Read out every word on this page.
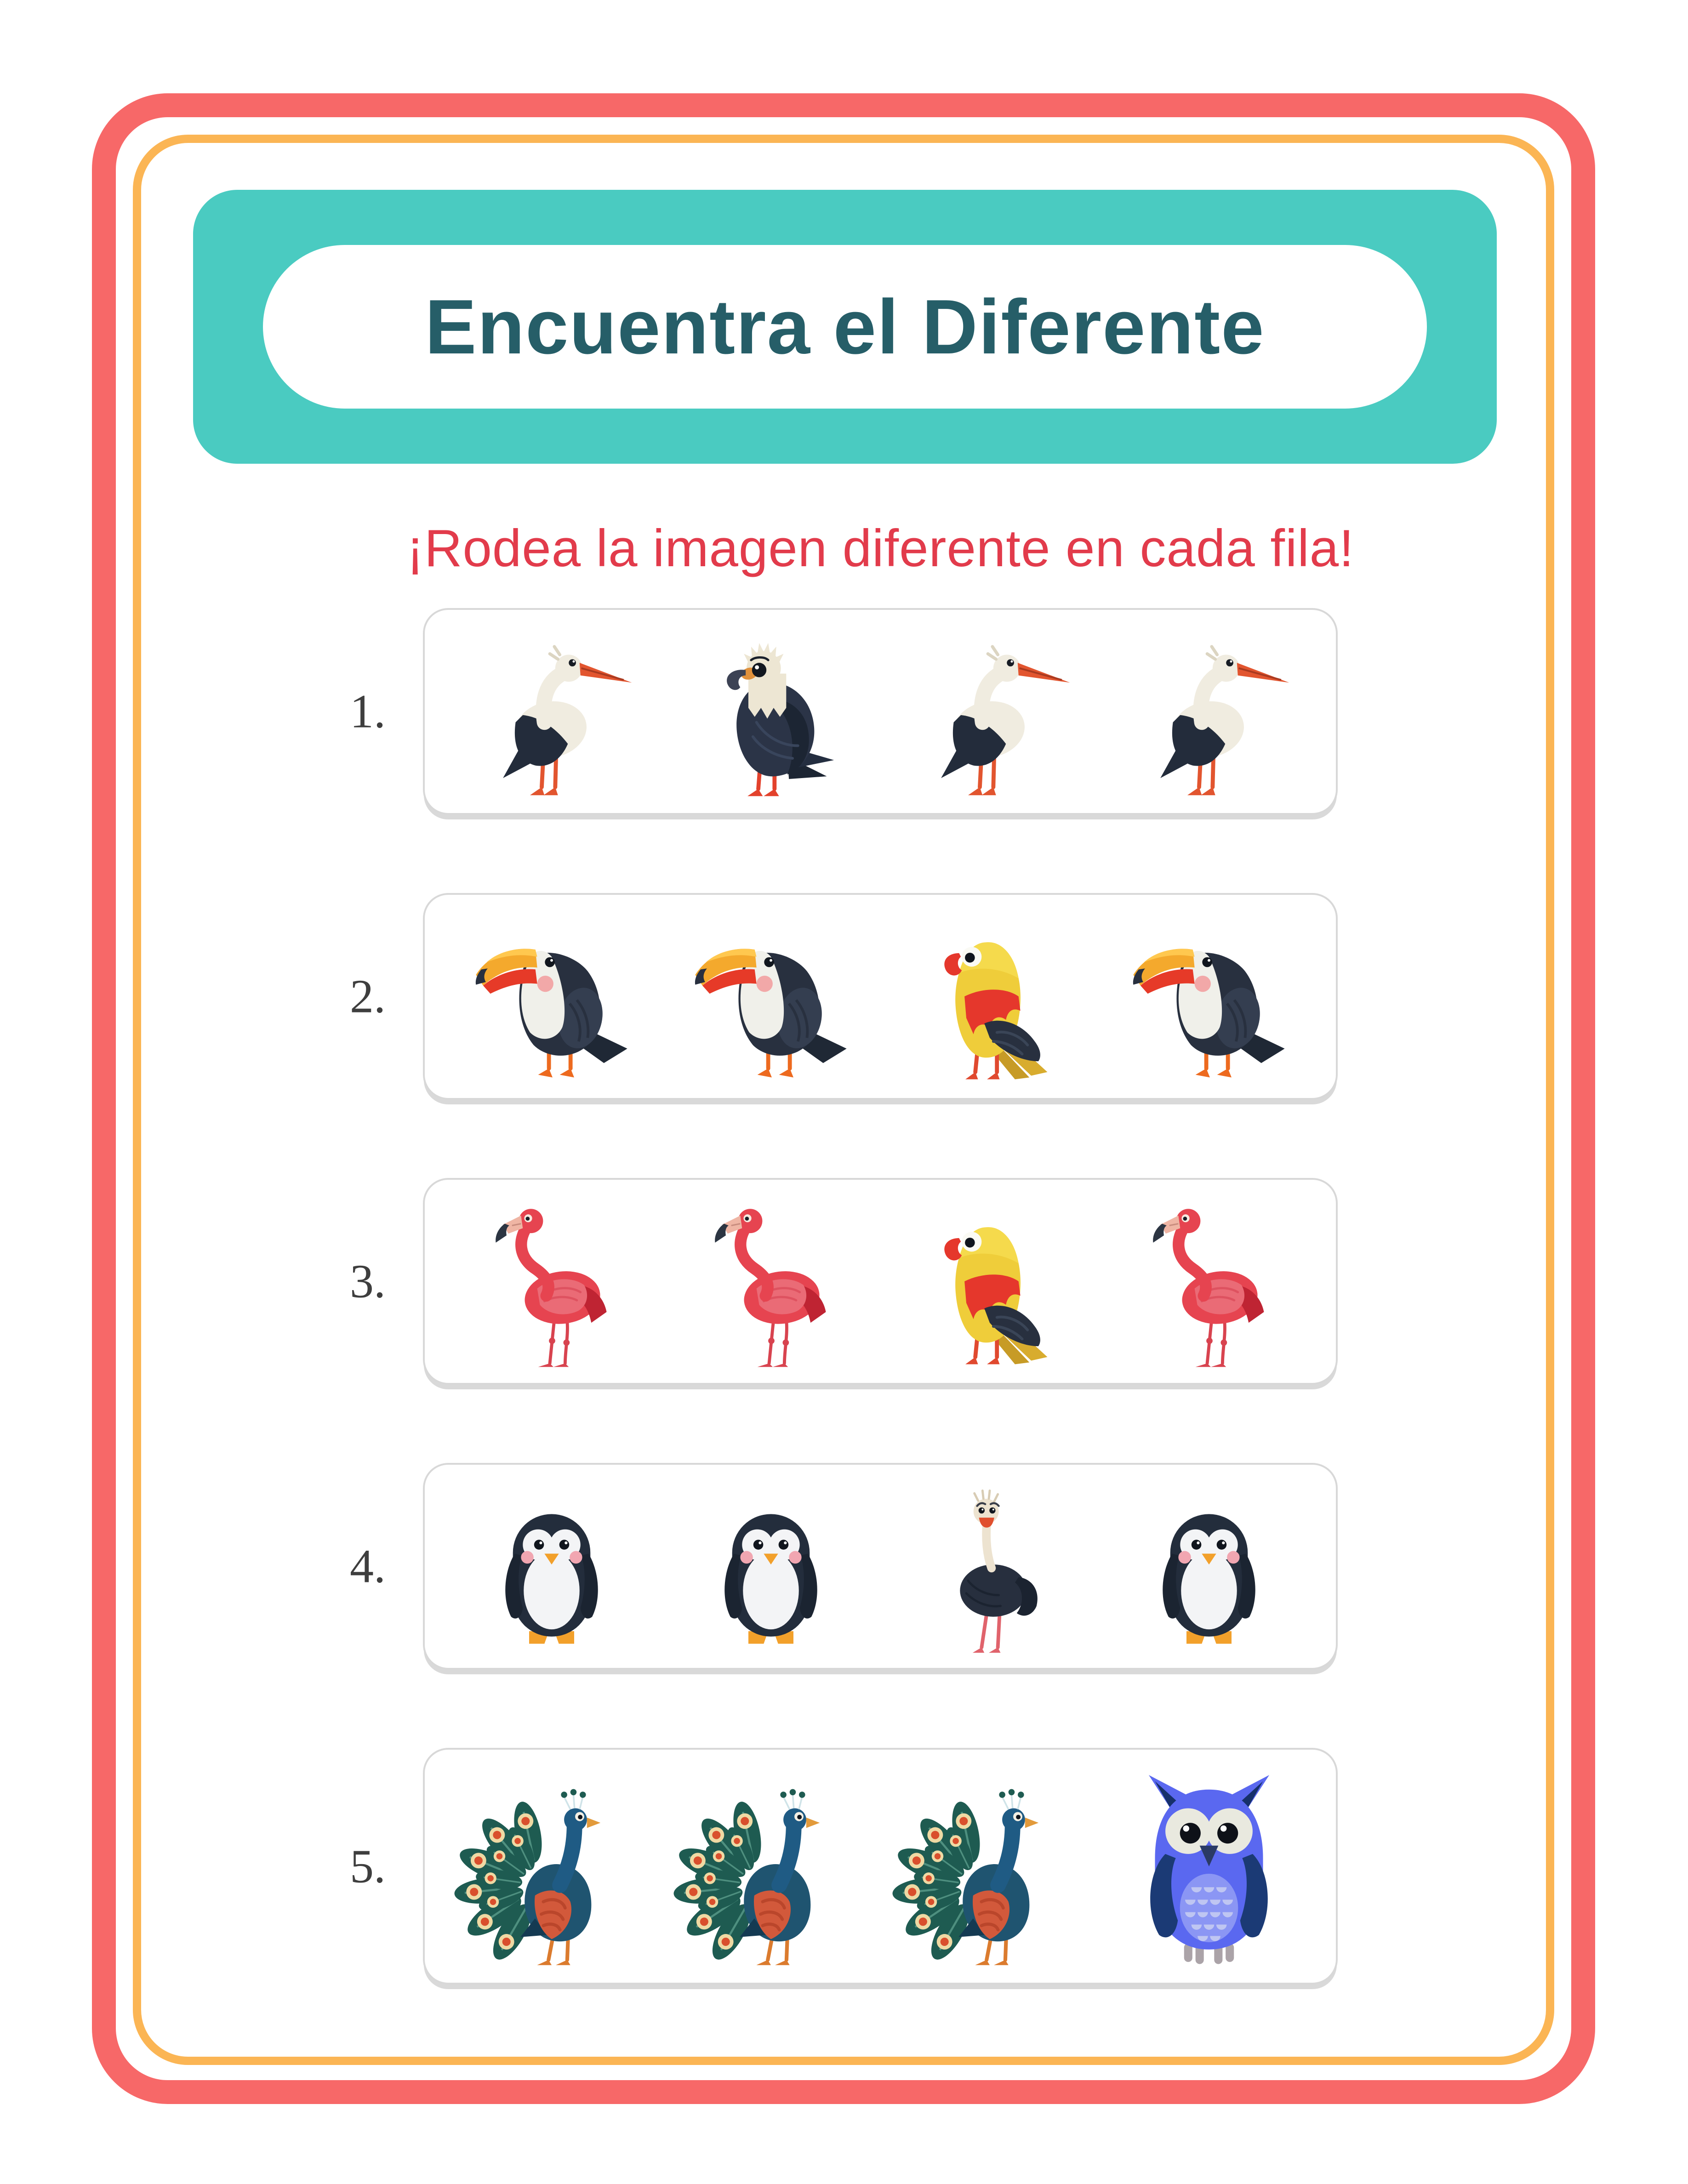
Encuentra el Diferente
¡Rodea la imagen diferente en cada fila!
1.
2.
3.
4.
5.
